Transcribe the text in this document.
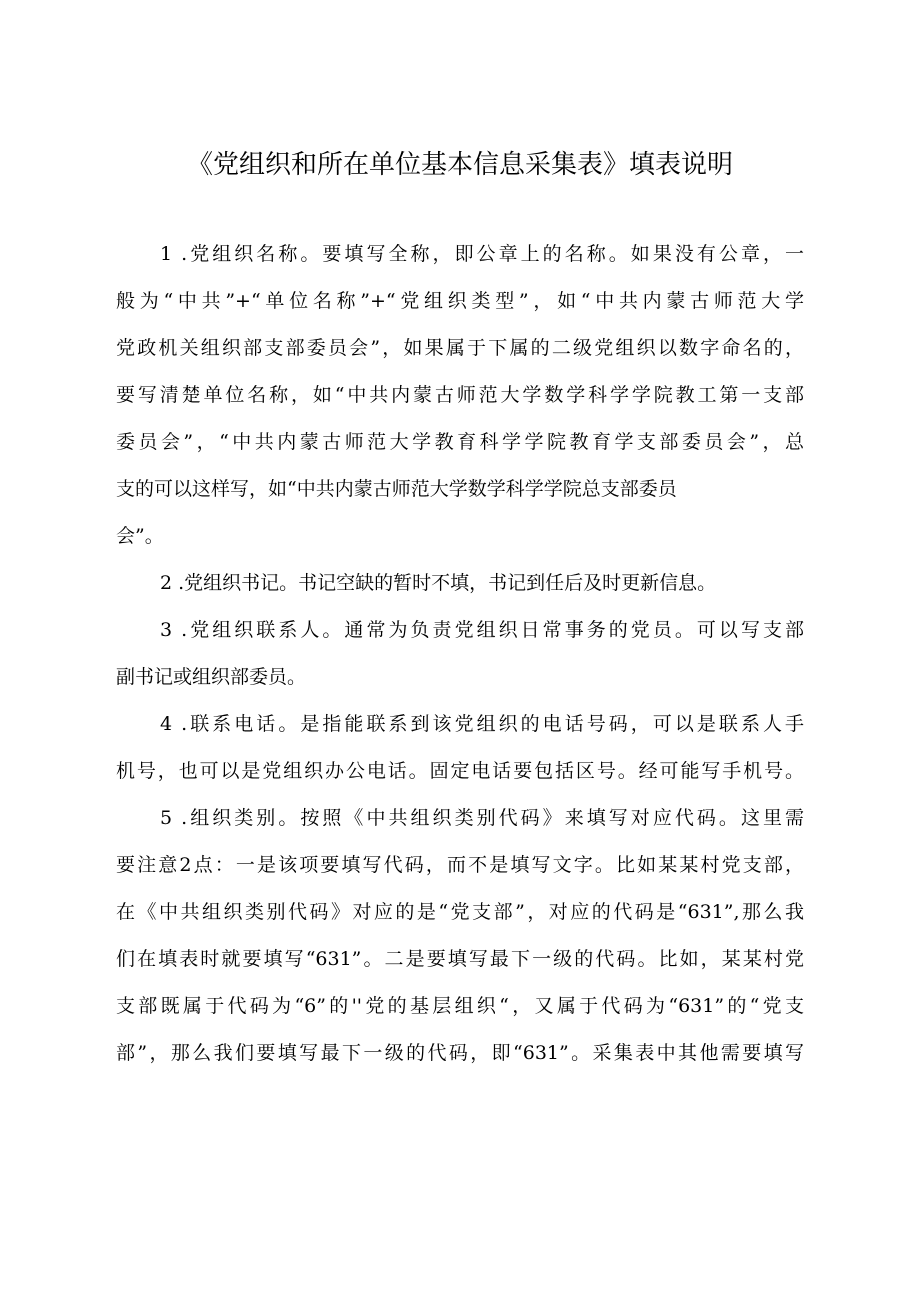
《党组织和所在单位基本信息采集表》填表说明

1 .党组织名称。要填写全称，即公章上的名称。如果没有公章，一
般为“中共”+“单位名称”+“党组织类型”，如“中共内蒙古师范大学
党政机关组织部支部委员会”，如果属于下属的二级党组织以数字命名的，
要写清楚单位名称，如“中共内蒙古师范大学数学科学学院教工第一支部
委员会”，“中共内蒙古师范大学教育科学学院教育学支部委员会”，总
支的可以这样写，如“中共内蒙古师范大学数学科学学院总支部委员
会”。

2 .党组织书记。书记空缺的暂时不填，书记到任后及时更新信息。

3 .党组织联系人。通常为负责党组织日常事务的党员。可以写支部
副书记或组织部委员。

4 .联系电话。是指能联系到该党组织的电话号码，可以是联系人手
机号，也可以是党组织办公电话。固定电话要包括区号。经可能写手机号。

5 .组织类别。按照《中共组织类别代码》来填写对应代码。这里需
要注意2点：一是该项要填写代码，而不是填写文字。比如某某村党支部，
在《中共组织类别代码》对应的是“党支部”，对应的代码是“631”,那么我
们在填表时就要填写“631”。二是要填写最下一级的代码。比如，某某村党
支部既属于代码为“6”的''党的基层组织“，又属于代码为“631”的“党支
部”，那么我们要填写最下一级的代码，即“631”。采集表中其他需要填写
